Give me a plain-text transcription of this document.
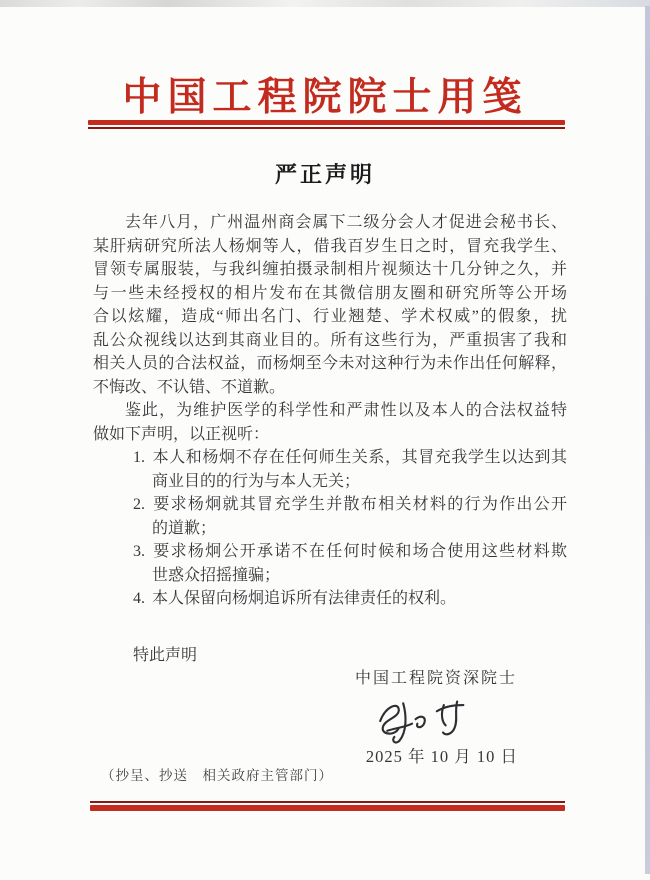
中国工程院院士用笺
严正声明
去年八月，广州温州商会属下二级分会人才促进会秘书长、
某肝病研究所法人杨炯等人，借我百岁生日之时，冒充我学生、
冒领专属服装，与我纠缠拍摄录制相片视频达十几分钟之久，并
与一些未经授权的相片发布在其微信朋友圈和研究所等公开场
合以炫耀，造成“师出名门、行业翘楚、学术权威”的假象，扰
乱公众视线以达到其商业目的。所有这些行为，严重损害了我和
相关人员的合法权益，而杨炯至今未对这种行为未作出任何解释，
不悔改、不认错、不道歉。
鉴此，为维护医学的科学性和严肃性以及本人的合法权益特
做如下声明，以正视听：
1. 本人和杨炯不存在任何师生关系，其冒充我学生以达到其
商业目的的行为与本人无关；
2. 要求杨炯就其冒充学生并散布相关材料的行为作出公开
的道歉；
3. 要求杨炯公开承诺不在任何时候和场合使用这些材料欺
世惑众招摇撞骗；
4. 本人保留向杨炯追诉所有法律责任的权利。
特此声明
中国工程院资深院士
2025 年 10 月 10 日
（抄呈、抄送　相关政府主管部门）
